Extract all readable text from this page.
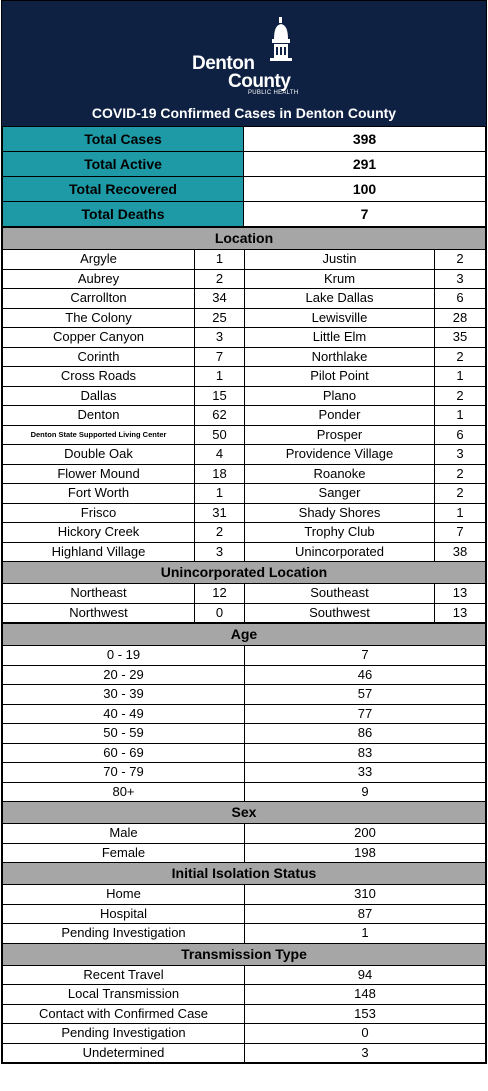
Denton
County
PUBLIC HEALTH
COVID-19 Confirmed Cases in Denton County
Total Cases	398
Total Active	291
Total Recovered	100
Total Deaths	7
Location			
Argyle	1	Justin	2
Aubrey	2	Krum	3
Carrollton	34	Lake Dallas	6
The Colony	25	Lewisville	28
Copper Canyon	3	Little Elm	35
Corinth	7	Northlake	2
Cross Roads	1	Pilot Point	1
Dallas	15	Plano	2
Denton	62	Ponder	1
Denton State Supported Living Center	50	Prosper	6
Double Oak	4	Providence Village	3
Flower Mound	18	Roanoke	2
Fort Worth	1	Sanger	2
Frisco	31	Shady Shores	1
Hickory Creek	2	Trophy Club	7
Highland Village	3	Unincorporated	38
Unincorporated Location			
Northeast	12	Southeast	13
Northwest	0	Southwest	13
Age	
0 - 19	7
20 - 29	46
30 - 39	57
40 - 49	77
50 - 59	86
60 - 69	83
70 - 79	33
80+	9
Sex	
Male	200
Female	198
Initial Isolation Status	
Home	310
Hospital	87
Pending Investigation	1
Transmission Type	
Recent Travel	94
Local Transmission	148
Contact with Confirmed Case	153
Pending Investigation	0
Undetermined	3
